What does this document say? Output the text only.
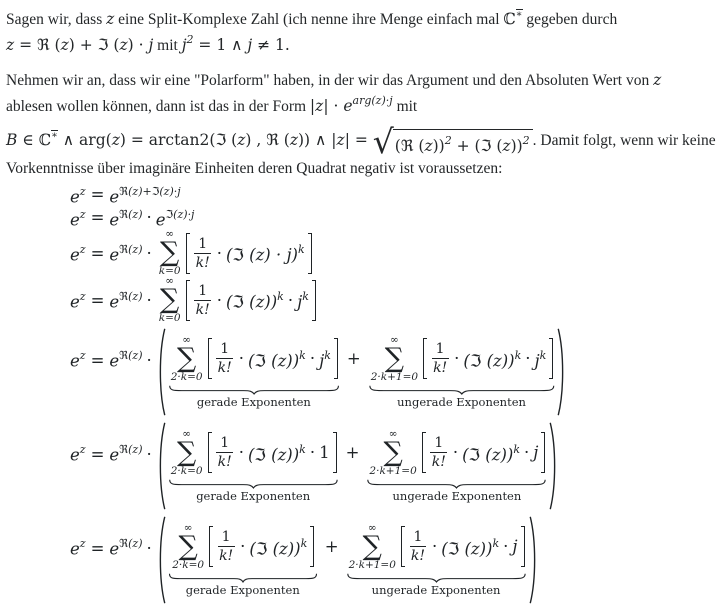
Sagen wir, dass z eine Split-Komplexe Zahl (ich nenne ihre Menge einfach mal ℂ∗ gegeben durch
z = ℜ (z) + ℑ (z) · j mit $j^2 = 1$ ∧ j ≠ 1.
Nehmen wir an, dass wir eine "Polarform" haben, in der wir das Argument und den Absoluten Wert von z
ablesen wollen können, dann ist das in der Form $|z| \cdot e^{arg(z)\cdot j}$ mit
B ∈ ℂ∗ ∧ arg(z) = arctan2(ℑ (z) , ℜ (z)) ∧ |z| = √ (ℜ (z))$^2$ + (ℑ (z))$^2$ . Damit folgt, wenn wir keine
Vorkenntnisse über imaginäre Einheiten deren Quadrat negativ ist voraussetzen:
$e^z = e^{ℜ(z)+ℑ(z)\cdot j}$
$e^z = e^{ℜ(z)} \cdot e^{ℑ(z)\cdot j}$
$e^z = e^{ℜ(z)}$ ·
∞
∑
k=0
$\frac{1}{k!}$ · (ℑ (z) · j)$^k$
$e^z = e^{ℜ(z)}$ ·
∞
∑
k=0
$\frac{1}{k!}$ · (ℑ $(z))^k \cdot j^k$
$e^z = e^{ℜ(z)}$ ·
∞
∑
2·k=0
$\frac{1}{k!}$ · (ℑ $(z))^k \cdot j^k$
gerade Exponenten
+
∞
∑
2·k+1=0
$\frac{1}{k!}$ · (ℑ $(z))^k \cdot j^k$
ungerade Exponenten
$e^z = e^{ℜ(z)}$ ·
∞
∑
2·k=0
$\frac{1}{k!}$ · (ℑ (z))$^k$ · 1
gerade Exponenten
+
∞
∑
2·k+1=0
$\frac{1}{k!}$ · (ℑ (z))$^k$ · j
ungerade Exponenten
$e^z = e^{ℜ(z)}$ ·
∞
∑
2·k=0
$\frac{1}{k!}$ · (ℑ (z))$^k$
gerade Exponenten
+
∞
∑
2·k+1=0
$\frac{1}{k!}$ · (ℑ (z))$^k$ · j
ungerade Exponenten
